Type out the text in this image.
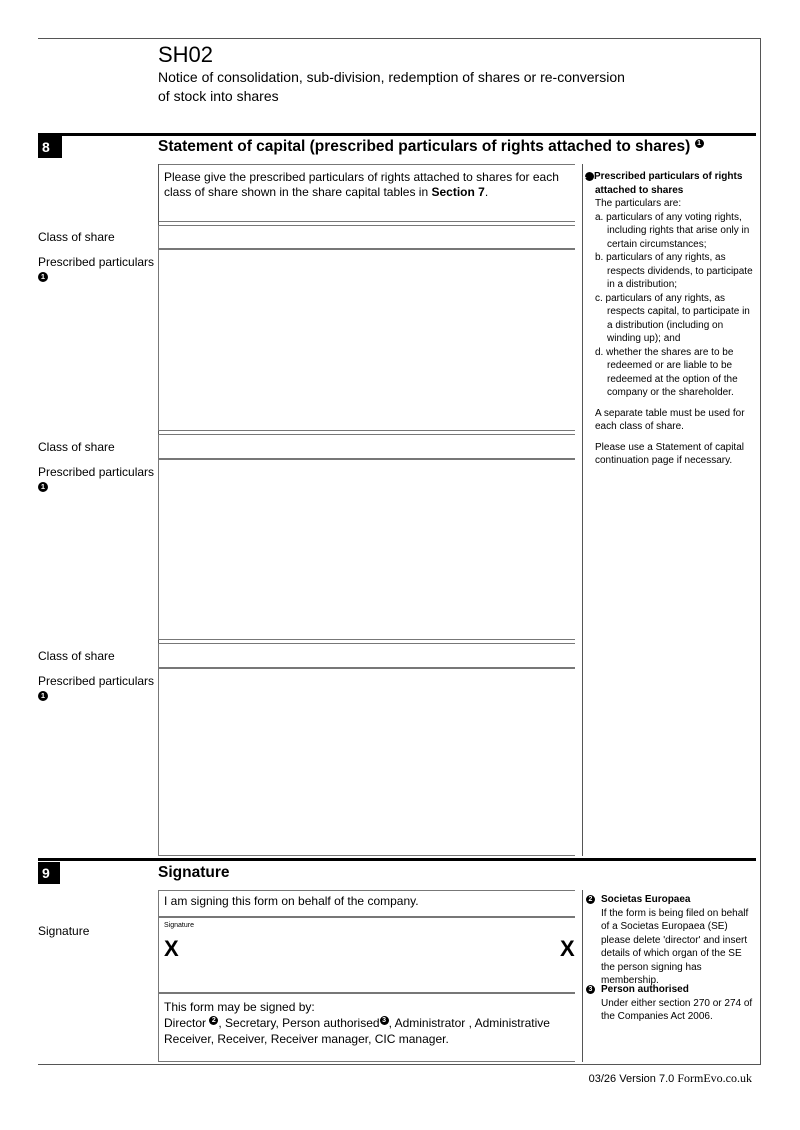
SH02
Notice of consolidation, sub-division, redemption of shares or re-conversion
of stock into shares
8	Statement of capital (prescribed particulars of rights attached to shares) 1
Please give the prescribed particulars of rights attached to shares for each class of share shown in the share capital tables in Section 7.
Class of share
Prescribed particulars
1
Class of share
Prescribed particulars
1
Class of share
Prescribed particulars
1
1 Prescribed particulars of rights attached to shares
The particulars are:

a. particulars of any voting rights, including rights that arise only in certain circumstances;

b. particulars of any rights, as respects dividends, to participate in a distribution;

c. particulars of any rights, as respects capital, to participate in a distribution (including on winding up); and

d. whether the shares are to be redeemed or are liable to be redeemed at the option of the company or the shareholder.

A separate table must be used for each class of share.
Please use a Statement of capital continuation page if necessary.
9	Signature
I am signing this form on behalf of the company.
Signature	Signature
X	X
This form may be signed by:
Director 2 , Secretary, Person authorised 3 , Administrator , Administrative
Receiver, Receiver, Receiver manager, CIC manager.
2 Societas Europaea
If the form is being filed on behalf of a Societas Europaea (SE) please delete 'director' and insert details of which organ of the SE the person signing has membership.
3 Person authorised
Under either section 270 or 274 of the Companies Act 2006.
03/26 Version 7.0 FormEvo.co.uk
